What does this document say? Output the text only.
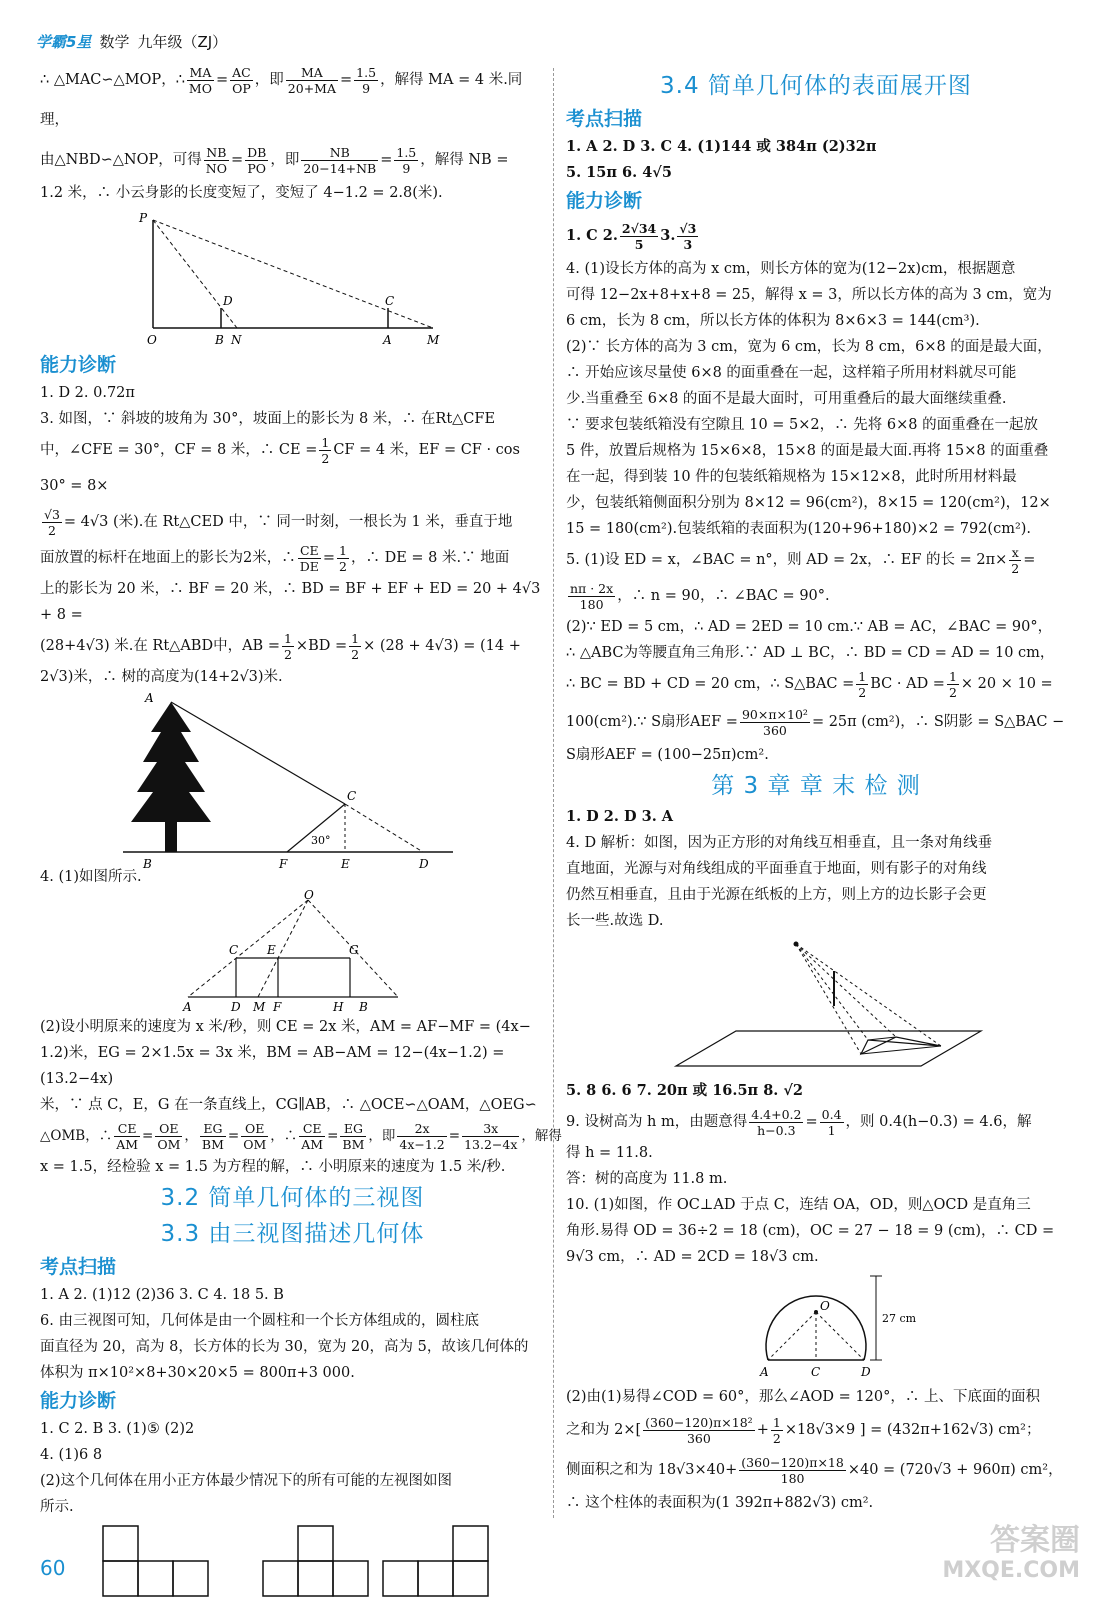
学霸5星 数学 九年级（ZJ）

∴ △MAC∽△MOP，∴ $\frac{MA}{MO} = \frac{AC}{OP}$ ，即 $\frac{MA}{20+MA} = \frac{1.5}{9}$ ，解得 MA = 4 米.同理，

由△NBD∽△NOP，可得 $\frac{NB}{NO} = \frac{DB}{PO}$ ，即 $\frac{NB}{20-14+NB} = \frac{1.5}{9}$ ，解得 NB =

1.2 米，∴ 小云身影的长度变短了，变短了 4−1.2 = 2.8(米).

P
D	C
O	B N	A	M

能力诊断

1. D 2. 0.72π

3. 如图，∵ 斜坡的坡角为 30°，坡面上的影长为 8 米，∴ 在Rt△CFE

中，∠CFE = 30°，CF = 8 米，∴ CE = $\frac{1}{2}$ CF = 4 米，EF = CF · cos 30° = 8×

$\frac{√3}{2} = 4√3$ (米).在 Rt△CED 中，∵ 同一时刻，一根长为 1 米，垂直于地

面放置的标杆在地面上的影长为2米，∴ $\frac{CE}{DE} = \frac{1}{2}$ ，∴ DE = 8 米.∵ 地面

上的影长为 20 米，∴ BF = 20 米，∴ BD = BF + EF + ED = 20 + 4√3 + 8 =

(28+4√3) 米.在 Rt△ABD中，AB = $\frac{1}{2} \times BD = \frac{1}{2} \times (28 + 4√3) = (14$ +

2√3)米，∴ 树的高度为(14+2√3)米.

A
C
30°
B	F	E	D

4. (1)如图所示.

O
C E	G
A	D M F	H B

(2)设小明原来的速度为 x 米/秒，则 CE = 2x 米，AM = AF−MF = (4x−

1.2)米，EG = 2×1.5x = 3x 米，BM = AB−AM = 12−(4x−1.2) = (13.2−4x)

米，∵ 点 C，E，G 在一条直线上，CG∥AB，∴ △OCE∽△OAM，△OEG∽

△OMB，∴ $\frac{CE}{AM} = \frac{OE}{OM}$ ， $\frac{EG}{BM} = \frac{OE}{OM}$ ，∴ $\frac{CE}{AM} = \frac{EG}{BM}$ ，即 $\frac{2x}{4x-1.2} = \frac{3x}{13.2-4x}$ ，解得

x = 1.5，经检验 x = 1.5 为方程的解，∴ 小明原来的速度为 1.5 米/秒.

3.2 简单几何体的三视图

3.3 由三视图描述几何体

考点扫描

1. A 2. (1)12 (2)36 3. C 4. 18 5. B

6. 由三视图可知，几何体是由一个圆柱和一个长方体组成的，圆柱底

面直径为 20，高为 8，长方体的长为 30，宽为 20，高为 5，故该几何体的

体积为 π×10²×8+30×20×5 = 800π+3 000.

能力诊断

1. C 2. B 3. (1)⑤ (2)2

4. (1)6 8

(2)这个几何体在用小正方体最少情况下的所有可能的左视图如图

所示.

3.4 简单几何体的表面展开图

考点扫描

1. A 2. D 3. C 4. (1)144 或 384π (2)32π

5. 15π 6. 4√5

能力诊断

1. C 2. $\frac{2√34}{5} 3$. $\frac{√3}{3}$

4. (1)设长方体的高为 x cm，则长方体的宽为(12−2x)cm，根据题意

可得 12−2x+8+x+8 = 25，解得 x = 3，所以长方体的高为 3 cm，宽为

6 cm，长为 8 cm，所以长方体的体积为 8×6×3 = 144(cm³).

(2)∵ 长方体的高为 3 cm，宽为 6 cm，长为 8 cm，6×8 的面是最大面，

∴ 开始应该尽量使 6×8 的面重叠在一起，这样箱子所用材料就尽可能

少.当重叠至 6×8 的面不是最大面时，可用重叠后的最大面继续重叠.

∵ 要求包装纸箱没有空隙且 10 = 5×2，∴ 先将 6×8 的面重叠在一起放

5 件，放置后规格为 15×6×8，15×8 的面是最大面.再将 15×8 的面重叠

在一起，得到装 10 件的包装纸箱规格为 15×12×8，此时所用材料最

少，包装纸箱侧面积分别为 8×12 = 96(cm²)，8×15 = 120(cm²)，12×

15 = 180(cm²).包装纸箱的表面积为(120+96+180)×2 = 792(cm²).

5. (1)设 ED = x，∠BAC = n°，则 AD = 2x，∴ EF 的长 = $2\pi\times \frac{x}{2}$ =

$\frac{n\pi \cdot 2x}{180}$ ，∴ n = 90，∴ ∠BAC = 90°.

(2)∵ ED = 5 cm，∴ AD = 2ED = 10 cm.∵ AB = AC，∠BAC = 90°，

∴ △ABC为等腰直角三角形.∵ AD ⊥ BC，∴ BD = CD = AD = 10 cm，

∴ BC = BD + CD = 20 cm，∴ S△BAC = $\frac{1}{2}$ BC · AD = $\frac{1}{2} \times 20 \times 10$ =

100(cm²).∵ S扇形AEF = $\frac{\text{90×π×10²}}{360} = 25\pi$ (cm²)，∴ S阴影 = S△BAC −

S扇形AEF = (100−25π)cm².

第 3 章 章 末 检 测

1. D 2. D 3. A

4. D 解析：如图，因为正方形的对角线互相垂直，且一条对角线垂

直地面，光源与对角线组成的平面垂直于地面，则有影子的对角线

仍然互相垂直，且由于光源在纸板的上方，则上方的边长影子会更

长一些.故选 D.

5. 8 6. 6 7. 20π 或 16.5π 8. √2

9. 设树高为 h m，由题意得 $\frac{4.4+0.2}{h-0.3} = \frac{0.4}{1}$ ，则 0.4(h−0.3) = 4.6，解

得 h = 11.8.

答：树的高度为 11.8 m.

10. (1)如图，作 OC⊥AD 于点 C，连结 OA，OD，则△OCD 是直角三

角形.易得 OD = 36÷2 = 18 (cm)，OC = 27 − 18 = 9 (cm)，∴ CD =

9√3 cm，∴ AD = 2CD = 18√3 cm.

O
27 cm
A	C	D

(2)由(1)易得∠COD = 60°，那么∠AOD = 120°，∴ 上、下底面的面积

之和为 $2\times[ \frac{\text{(360−120)π×18²}}{360} + \frac{1}{2} \times 18√3\times 9$ ] = (432π+162√3) cm²；

侧面积之和为 $18√3\times 40+ \frac{(360-120)\pi\times 18}{180} \times 40 = (720√3 + 960\pi)$ cm²，

∴ 这个柱体的表面积为(1 392π+882√3) cm².

60
答案圈
MXQE.COM
